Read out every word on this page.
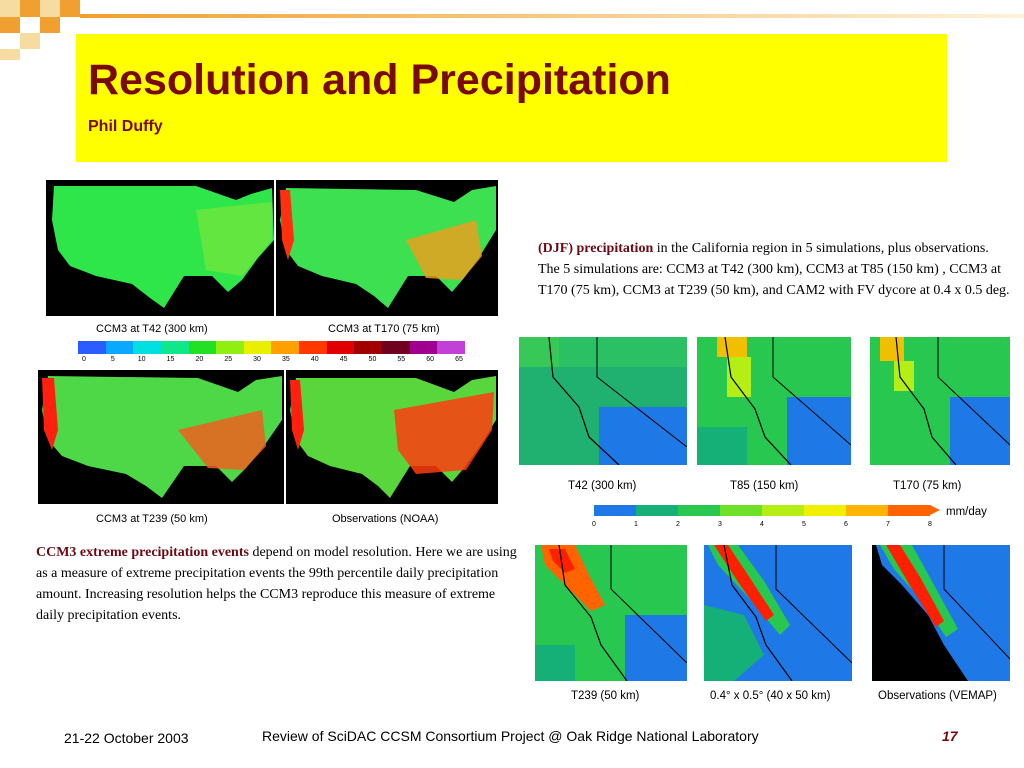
Resolution and Precipitation
Phil Duffy
CCM3 at T42 (300 km)	CCM3 at T170 (75 km)
0	5	10	15	20	25	30	35	40	45	50	55	60	65
CCM3 at T239 (50 km)	Observations (NOAA)
(DJF) precipitation in the California region in 5 simulations, plus observations. The 5 simulations are: CCM3 at T42 (300 km), CCM3 at T85 (150 km) , CCM3 at T170 (75 km), CCM3 at T239 (50 km), and CAM2 with FV dycore at 0.4 x 0.5 deg.
CCM3 extreme precipitation events depend on model resolution. Here we are using as a measure of extreme precipitation events the 99th percentile daily precipitation amount. Increasing resolution helps the CCM3 reproduce this measure of extreme daily precipitation events.
T42 (300 km)	T85 (150 km)	T170 (75 km)
0	1	2	3	4	5	6	7	8
mm/day
T239 (50 km)	0.4° x 0.5° (40 x 50 km)	Observations (VEMAP)
21-22 October 2003	Review of SciDAC CCSM Consortium Project @ Oak Ridge National Laboratory	17
